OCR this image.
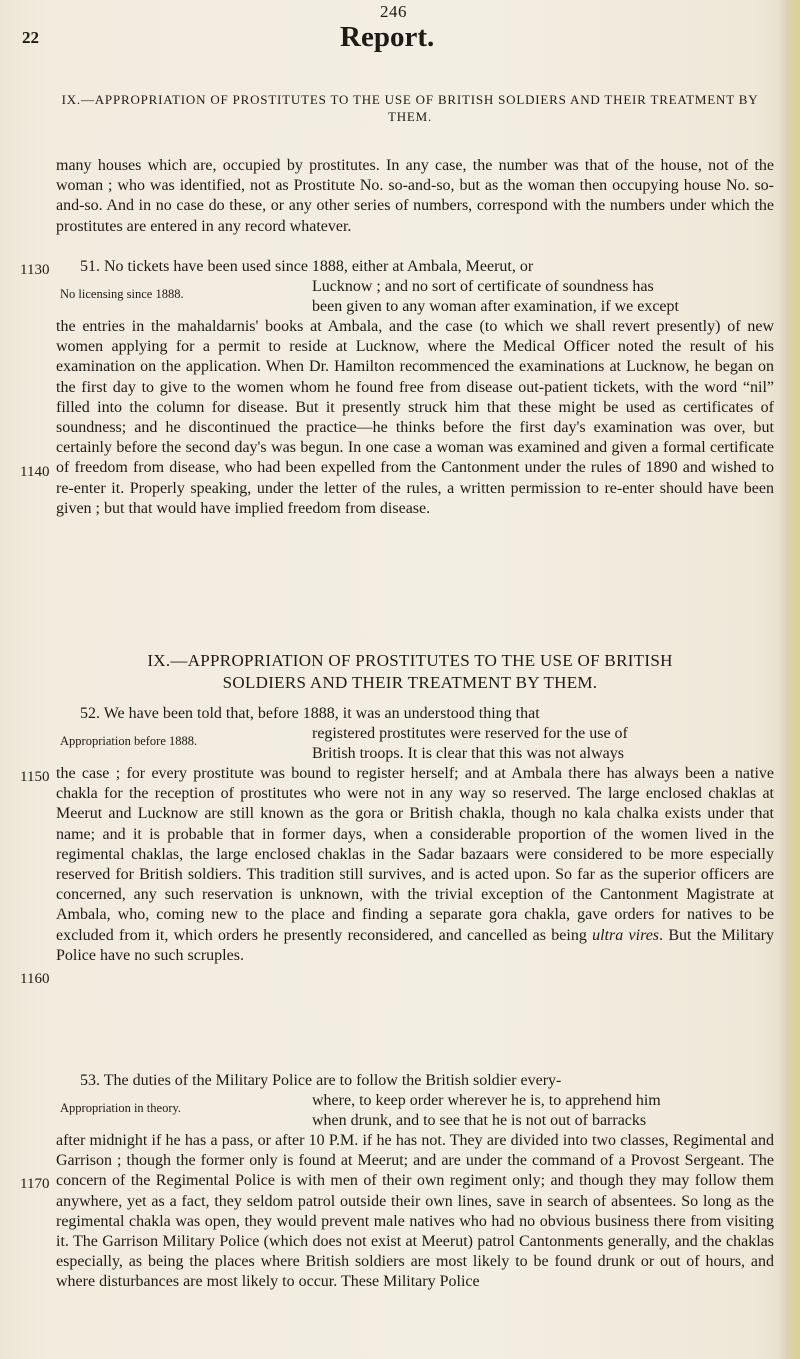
246
22	Report.
IX.—APPROPRIATION OF PROSTITUTES TO THE USE OF BRITISH SOLDIERS AND THEIR TREATMENT BY THEM.

many houses which are, occupied by prostitutes. In any case, the number was that of the house, not of the woman ; who was identified, not as Prostitute No. so-and-so, but as the woman then occupying house No. so-and-so. And in no case do these, or any other series of numbers, correspond with the numbers under which the prostitutes are entered in any record whatever.

1130	51. No tickets have been used since 1888, either at Ambala, Meerut, or

No licensing since 1888.	Lucknow ; and no sort of certificate of soundness has

been given to any woman after examination, if we except

the entries in the mahaldarnis' books at Ambala, and the case (to which we shall revert presently) of new women applying for a permit to reside at Lucknow, where the Medical Officer noted the result of his examination on the application. When Dr. Hamilton recommenced the examinations at Lucknow, he began on the first day to give to the women whom he found free from disease out-patient tickets, with the word “nil” filled into the column for disease. But it presently struck him that these might be used as certificates of soundness; and he discontinued the practice—he thinks before the first day's examination was over, but certainly before the second day's was begun. In one case a woman was examined and given a formal certificate of freedom from disease, who had been expelled from the Cantonment under the rules of 1890 and wished to re-enter it. Properly speaking, under the letter of the rules, a written permission to re-enter should have been given ; but that would have implied freedom from disease.

1140
IX.—APPROPRIATION OF PROSTITUTES TO THE USE OF BRITISH
SOLDIERS AND THEIR TREATMENT BY THEM.

52. We have been told that, before 1888, it was an understood thing that

Appropriation before 1888.	registered prostitutes were reserved for the use of

British troops. It is clear that this was not always

1150 the case ; for every prostitute was bound to register herself; and at Ambala there has always been a native chakla for the reception of prostitutes who were not in any way so reserved. The large enclosed chaklas at Meerut and Lucknow are still known as the gora or British chakla, though no kala chalka exists under that name; and it is probable that in former days, when a considerable proportion of the women lived in the regimental chaklas, the large enclosed chaklas in the Sadar bazaars were considered to be more especially reserved for British soldiers. This tradition still survives, and is acted upon. So far as the superior officers are concerned, any such reservation is unknown, with the trivial exception of the Cantonment Magistrate at Ambala, who, coming new to the place and finding a separate gora chakla, gave orders for natives to be excluded from it, which orders he presently reconsidered, and cancelled as being ultra vires. But the Military Police have no such scruples.

1160

53. The duties of the Military Police are to follow the British soldier every-

Appropriation in theory.	where, to keep order wherever he is, to apprehend him

when drunk, and to see that he is not out of barracks

after midnight if he has a pass, or after 10 P.M. if he has not. They are divided into two classes, Regimental and Garrison ; though the former only is found at Meerut; and are under the command of a Provost Sergeant. The concern of the Regimental Police is with men of their own regiment only; and though they may follow them anywhere, yet as a fact, they seldom patrol outside their own lines, save in search of absentees. So long as the regimental chakla was open, they would prevent male natives who had no obvious business there from visiting it. The Garrison Military Police (which does not exist at Meerut) patrol Cantonments generally, and the chaklas especially, as being the places where British soldiers are most likely to be found drunk or out of hours, and where disturbances are most likely to occur. These Military Police

1170
